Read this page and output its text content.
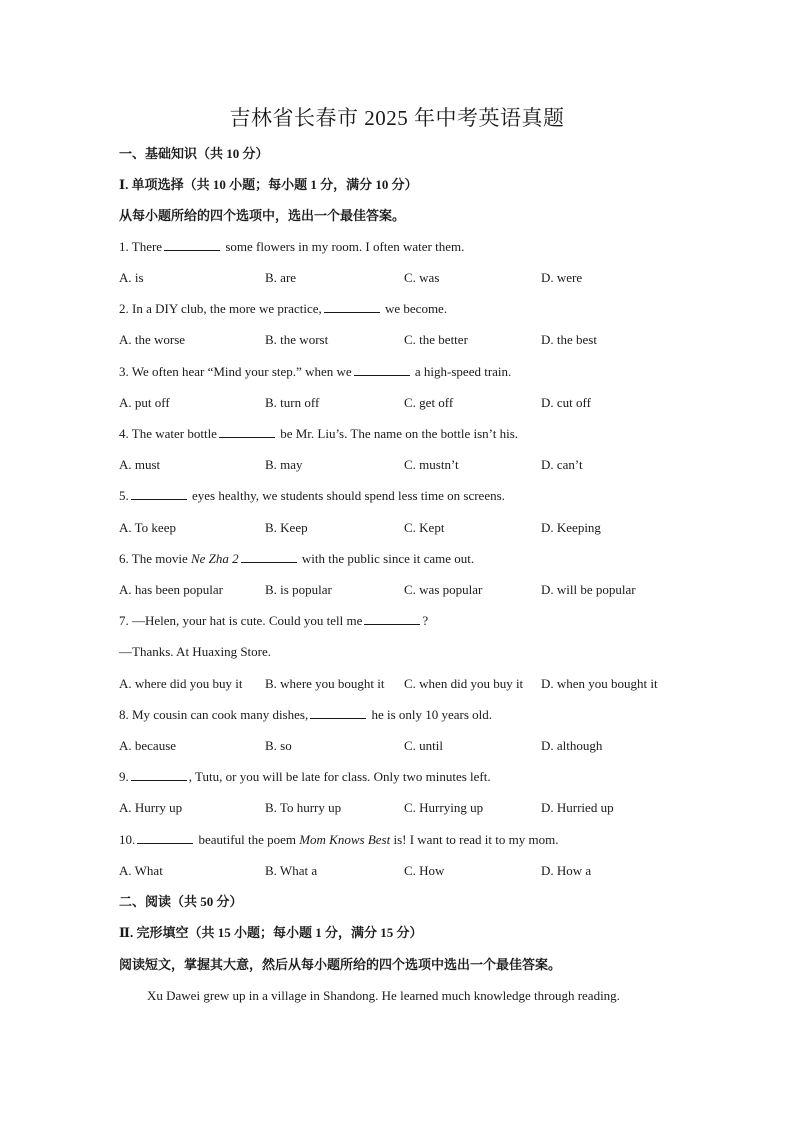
吉林省长春市 2025 年中考英语真题
一、基础知识（共 10 分）
Ⅰ. 单项选择（共 10 小题；每小题 1 分，满分 10 分）
从每小题所给的四个选项中，选出一个最佳答案。
1. There	some flowers in my room. I often water them.
A. is	B. are	C. was	D. were
2. In a DIY club, the more we practice,	we become.
A. the worse	B. the worst	C. the better	D. the best
3. We often hear “Mind your step.” when we	a high-speed train.
A. put off	B. turn off	C. get off	D. cut off
4. The water bottle	be Mr. Liu’s. The name on the bottle isn’t his.
A. must	B. may	C. mustn’t	D. can’t
5.	eyes healthy, we students should spend less time on screens.
A. To keep	B. Keep	C. Kept	D. Keeping
6. The movie Ne Zha 2	with the public since it came out.
A. has been popular	B. is popular	C. was popular	D. will be popular
7. —Helen, your hat is cute. Could you tell me	?
—Thanks. At Huaxing Store.
A. where did you buy it B. where you bought it C. when did you buy it D. when you bought it
8. My cousin can cook many dishes,	he is only 10 years old.
A. because	B. so	C. until	D. although
9.	, Tutu, or you will be late for class. Only two minutes left.
A. Hurry up	B. To hurry up	C. Hurrying up	D. Hurried up
10.	beautiful the poem Mom Knows Best is! I want to read it to my mom.
A. What	B. What a	C. How	D. How a
二、阅读（共 50 分）
Ⅱ. 完形填空（共 15 小题；每小题 1 分，满分 15 分）
阅读短文，掌握其大意，然后从每小题所给的四个选项中选出一个最佳答案。
Xu Dawei grew up in a village in Shandong. He learned much knowledge through reading.
